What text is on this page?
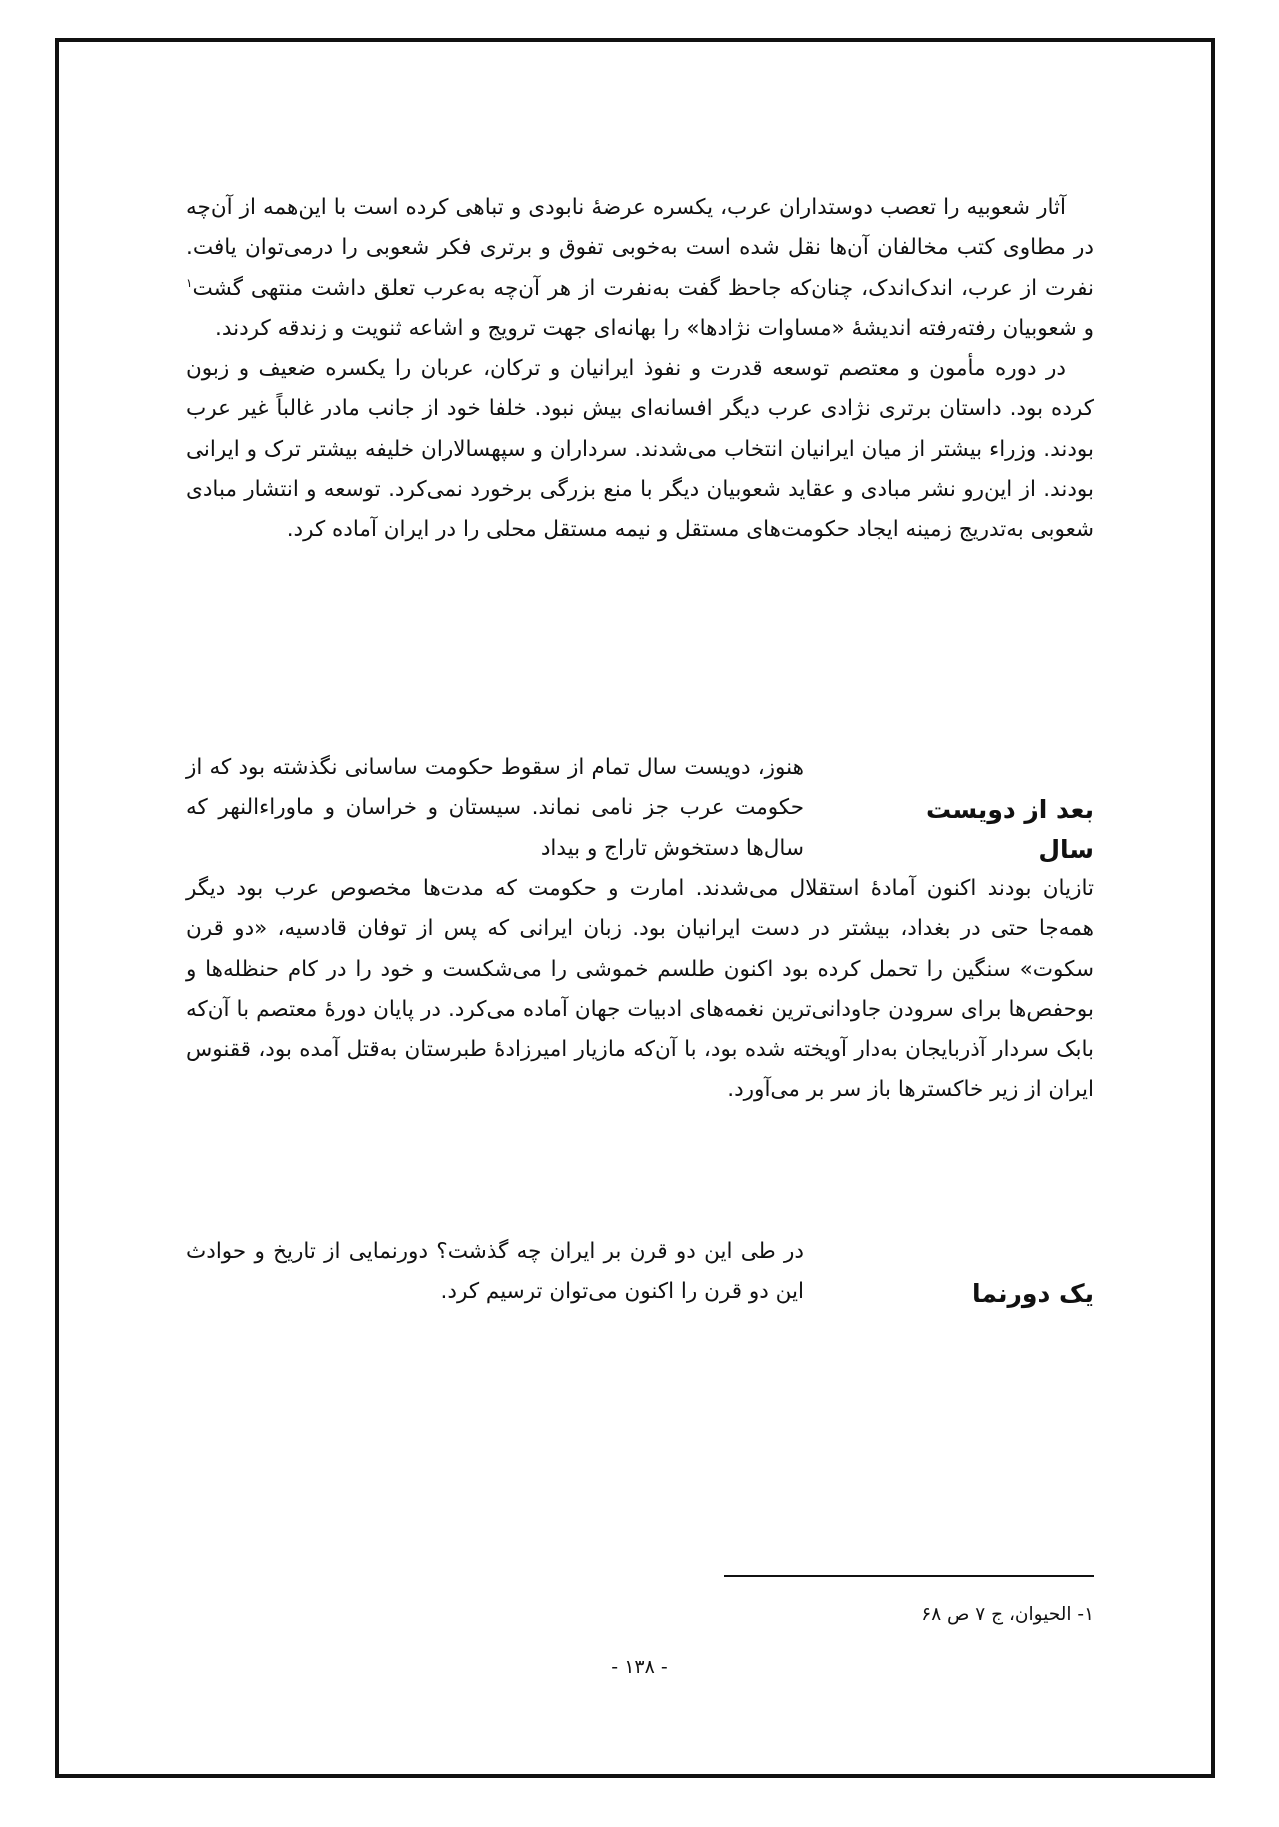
آثار شعوبیه را تعصب دوستداران عرب، یکسره عرضهٔ نابودی و تباهی کرده است با این‌همه از آن‌چه در مطاوی کتب مخالفان آن‌ها نقل شده است به‌خوبی تفوق و برتری فکر شعوبی را درمی‌توان یافت. نفرت از عرب، اندک‌اندک، چنان‌که جاحظ گفت به‌نفرت از هر آن‌چه به‌عرب تعلق داشت منتهی گشت$^۱$ و شعوبیان رفته‌رفته اندیشهٔ «مساوات نژادها» را بهانه‌ای جهت ترویج و اشاعه ثنویت و زندقه کردند.

در دوره مأمون و معتصم توسعه قدرت و نفوذ ایرانیان و ترکان، عربان را یکسره ضعیف و زبون کرده بود. داستان برتری نژادی عرب دیگر افسانه‌ای بیش نبود. خلفا خود از جانب مادر غالباً غیر عرب بودند. وزراء بیشتر از میان ایرانیان انتخاب می‌شدند. سرداران و سپهسالاران خلیفه بیشتر ترک و ایرانی بودند. از این‌رو نشر مبادی و عقاید شعوبیان دیگر با منع بزرگی برخورد نمی‌کرد. توسعه و انتشار مبادی شعوبی به‌تدریج زمینه ایجاد حکومت‌های مستقل و نیمه مستقل محلی را در ایران آماده کرد.

بعد از دویست سال

هنوز، دویست سال تمام از سقوط حکومت ساسانی نگذشته بود که از حکومت عرب جز نامی نماند. سیستان و خراسان و ماوراءالنهر که سال‌ها دستخوش تاراج و بیداد

تازیان بودند اکنون آمادهٔ استقلال می‌شدند. امارت و حکومت که مدت‌ها مخصوص عرب بود دیگر همه‌جا حتی در بغداد، بیشتر در دست ایرانیان بود. زبان ایرانی که پس از توفان قادسیه، «دو قرن سکوت» سنگین را تحمل کرده بود اکنون طلسم خموشی را می‌شکست و خود را در کام حنظله‌ها و بوحفص‌ها برای سرودن جاودانی‌ترین نغمه‌های ادبیات جهان آماده می‌کرد. در پایان دورهٔ معتصم با آن‌که بابک سردار آذربایجان به‌دار آویخته شده بود، با آن‌که مازیار امیرزادهٔ طبرستان به‌قتل آمده بود، ققنوس ایران از زیر خاکسترها باز سر بر می‌آورد.

یک دورنما

در طی این دو قرن بر ایران چه گذشت؟ دورنمایی از تاریخ و حوادث این دو قرن را اکنون می‌توان ترسیم کرد.

۱- الحیوان، ج ۷ ص ۶۸
- ۱۳۸ -
